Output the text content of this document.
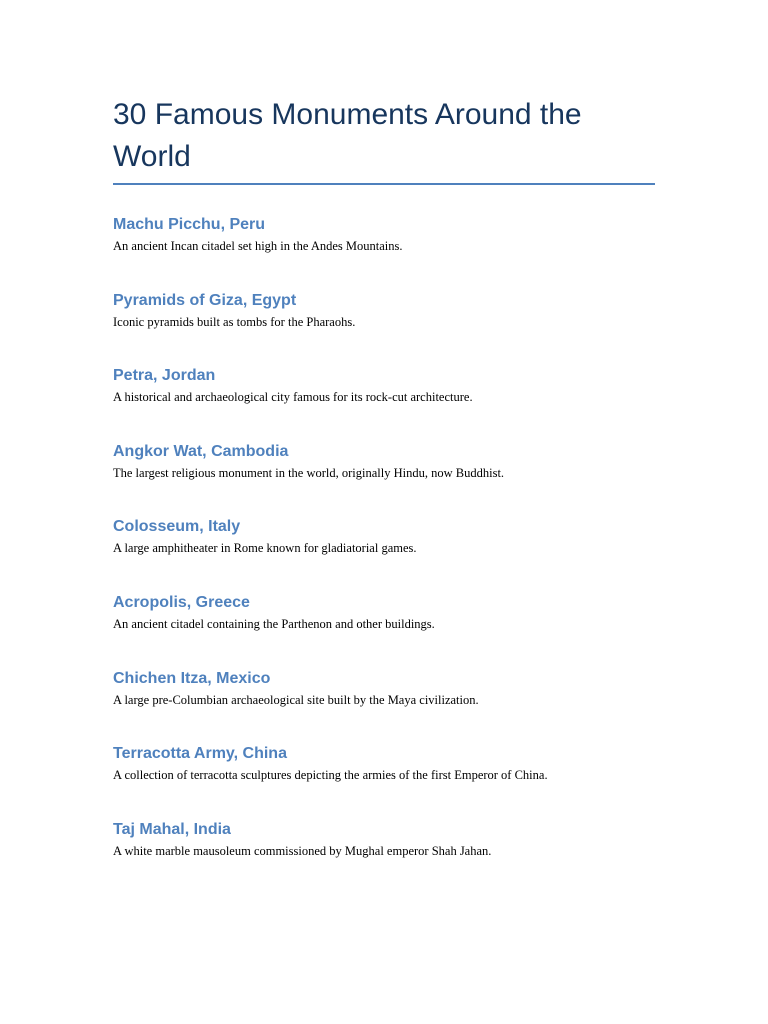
30 Famous Monuments Around the World
Machu Picchu, Peru

An ancient Incan citadel set high in the Andes Mountains.

Pyramids of Giza, Egypt

Iconic pyramids built as tombs for the Pharaohs.

Petra, Jordan

A historical and archaeological city famous for its rock-cut architecture.

Angkor Wat, Cambodia

The largest religious monument in the world, originally Hindu, now Buddhist.

Colosseum, Italy

A large amphitheater in Rome known for gladiatorial games.

Acropolis, Greece

An ancient citadel containing the Parthenon and other buildings.

Chichen Itza, Mexico

A large pre-Columbian archaeological site built by the Maya civilization.

Terracotta Army, China

A collection of terracotta sculptures depicting the armies of the first Emperor of China.

Taj Mahal, India

A white marble mausoleum commissioned by Mughal emperor Shah Jahan.
